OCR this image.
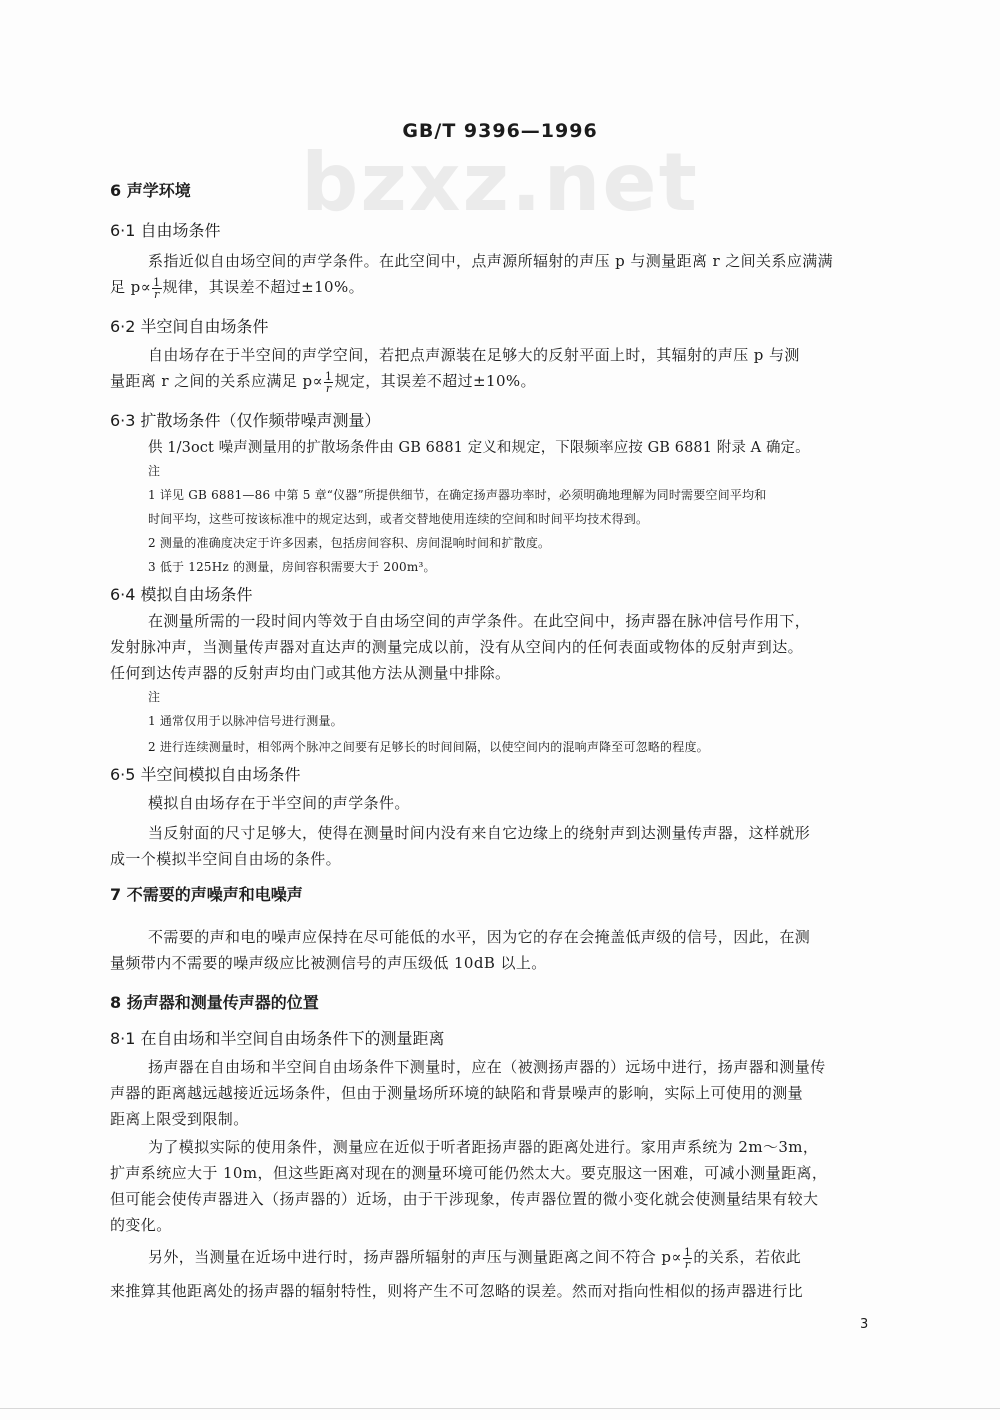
GB/T 9396—1996
bzxz.net
6 声学环境
6·1 自由场条件
系指近似自由场空间的声学条件。在此空间中，点声源所辐射的声压 p 与测量距离 r 之间关系应满满
足 $p\propto \frac{1}{r}$ 规律，其误差不超过±10%。
6·2 半空间自由场条件
自由场存在于半空间的声学空间，若把点声源装在足够大的反射平面上时，其辐射的声压 p 与测
量距离 r 之间的关系应满足 $p\propto \frac{1}{r}$ 规定，其误差不超过±10%。
6·3 扩散场条件（仅作频带噪声测量）
供 1/3oct 噪声测量用的扩散场条件由 GB 6881 定义和规定，下限频率应按 GB 6881 附录 A 确定。
注
1 详见 GB 6881—86 中第 5 章“仪器”所提供细节，在确定扬声器功率时，必须明确地理解为同时需要空间平均和
时间平均，这些可按该标准中的规定达到，或者交替地使用连续的空间和时间平均技术得到。
2 测量的准确度决定于许多因素，包括房间容积、房间混响时间和扩散度。
3 低于 125Hz 的测量，房间容积需要大于 200m³。
6·4 模拟自由场条件
在测量所需的一段时间内等效于自由场空间的声学条件。在此空间中，扬声器在脉冲信号作用下，
发射脉冲声，当测量传声器对直达声的测量完成以前，没有从空间内的任何表面或物体的反射声到达。
任何到达传声器的反射声均由门或其他方法从测量中排除。
注
1 通常仅用于以脉冲信号进行测量。
2 进行连续测量时，相邻两个脉冲之间要有足够长的时间间隔，以使空间内的混响声降至可忽略的程度。
6·5 半空间模拟自由场条件
模拟自由场存在于半空间的声学条件。
当反射面的尺寸足够大，使得在测量时间内没有来自它边缘上的绕射声到达测量传声器，这样就形
成一个模拟半空间自由场的条件。
7 不需要的声噪声和电噪声
不需要的声和电的噪声应保持在尽可能低的水平，因为它的存在会掩盖低声级的信号，因此，在测
量频带内不需要的噪声级应比被测信号的声压级低 10dB 以上。
8 扬声器和测量传声器的位置
8·1 在自由场和半空间自由场条件下的测量距离
扬声器在自由场和半空间自由场条件下测量时，应在（被测扬声器的）远场中进行，扬声器和测量传
声器的距离越远越接近远场条件，但由于测量场所环境的缺陷和背景噪声的影响，实际上可使用的测量
距离上限受到限制。
为了模拟实际的使用条件，测量应在近似于听者距扬声器的距离处进行。家用声系统为 2m～3m，
扩声系统应大于 10m，但这些距离对现在的测量环境可能仍然太大。要克服这一困难，可减小测量距离，
但可能会使传声器进入（扬声器的）近场，由于干涉现象，传声器位置的微小变化就会使测量结果有较大
的变化。
另外，当测量在近场中进行时，扬声器所辐射的声压与测量距离之间不符合 $p\propto \frac{1}{r}$ 的关系，若依此
来推算其他距离处的扬声器的辐射特性，则将产生不可忽略的误差。然而对指向性相似的扬声器进行比
3
